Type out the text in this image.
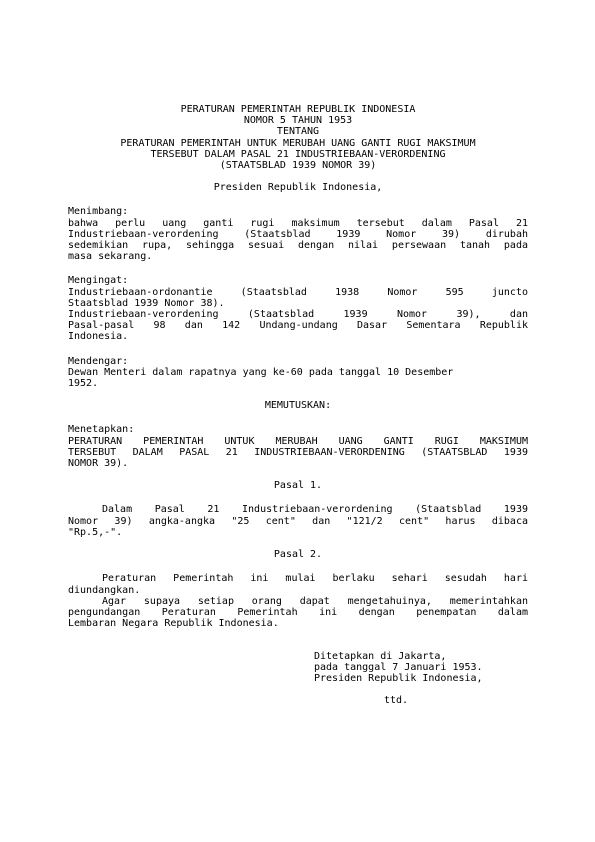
PERATURAN PEMERINTAH REPUBLIK INDONESIA

NOMOR 5 TAHUN 1953

TENTANG

PERATURAN PEMERINTAH UNTUK MERUBAH UANG GANTI RUGI MAKSIMUM

TERSEBUT DALAM PASAL 21 INDUSTRIEBAAN-VERORDENING

(STAATSBLAD 1939 NOMOR 39)

Presiden Republik Indonesia,

Menimbang:

bahwa perlu uang ganti rugi maksimum tersebut dalam Pasal 21

Industriebaan-verordening (Staatsblad 1939 Nomor 39) dirubah

sedemikian rupa, sehingga sesuai dengan nilai persewaan tanah pada

masa sekarang.

Mengingat:

Industriebaan-ordonantie (Staatsblad 1938 Nomor 595 juncto

Staatsblad 1939 Nomor 38).

Industriebaan-verordening (Staatsblad 1939 Nomor 39), dan

Pasal-pasal 98 dan 142 Undang-undang Dasar Sementara Republik

Indonesia.

Mendengar:

Dewan Menteri dalam rapatnya yang ke-60 pada tanggal 10 Desember

1952.

MEMUTUSKAN:

Menetapkan:

PERATURAN PEMERINTAH UNTUK MERUBAH UANG GANTI RUGI MAKSIMUM

TERSEBUT DALAM PASAL 21 INDUSTRIEBAAN-VERORDENING (STAATSBLAD 1939

NOMOR 39).

Pasal 1.

Dalam Pasal 21 Industriebaan-verordening (Staatsblad 1939

Nomor 39) angka-angka "25 cent" dan "121/2 cent" harus dibaca

"Rp.5,-".

Pasal 2.

Peraturan Pemerintah ini mulai berlaku sehari sesudah hari

diundangkan.

Agar supaya setiap orang dapat mengetahuinya, memerintahkan

pengundangan Peraturan Pemerintah ini dengan penempatan dalam

Lembaran Negara Republik Indonesia.

Ditetapkan di Jakarta,

pada tanggal 7 Januari 1953.

Presiden Republik Indonesia,

ttd.
